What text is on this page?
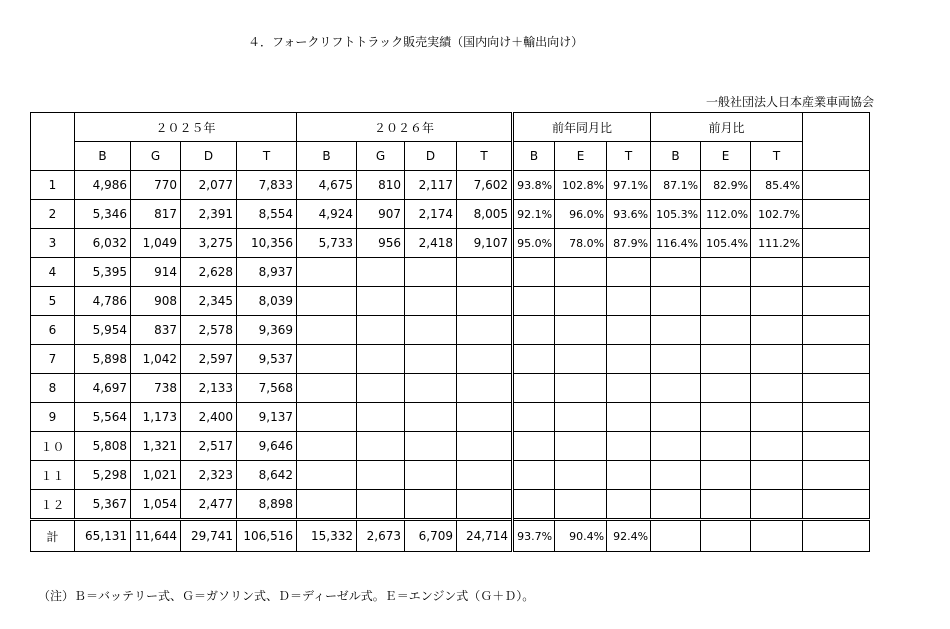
４．フォークリフトトラック販売実績（国内向け＋輸出向け）
一般社団法人日本産業車両協会
	２０２５年				２０２６年				前年同月比			前月比			
	B	G	D	T	B	G	D	T	B	E	T	B	E	T	
1	4,986	770	2,077	7,833	4,675	810	2,117	7,602	93.8%	102.8%	97.1%	87.1%	82.9%	85.4%	
2	5,346	817	2,391	8,554	4,924	907	2,174	8,005	92.1%	96.0%	93.6%	105.3%	112.0%	102.7%	
3	6,032	1,049	3,275	10,356	5,733	956	2,418	9,107	95.0%	78.0%	87.9%	116.4%	105.4%	111.2%	
4	5,395	914	2,628	8,937											
5	4,786	908	2,345	8,039											
6	5,954	837	2,578	9,369											
7	5,898	1,042	2,597	9,537											
8	4,697	738	2,133	7,568											
9	5,564	1,173	2,400	9,137											
１０	5,808	1,321	2,517	9,646											
１１	5,298	1,021	2,323	8,642											
１２	5,367	1,054	2,477	8,898											
計	65,131	11,644	29,741	106,516	15,332	2,673	6,709	24,714	93.7%	90.4%	92.4%				
（注）Ｂ＝バッテリー式、Ｇ＝ガソリン式、Ｄ＝ディーゼル式。Ｅ＝エンジン式（Ｇ＋Ｄ）。
